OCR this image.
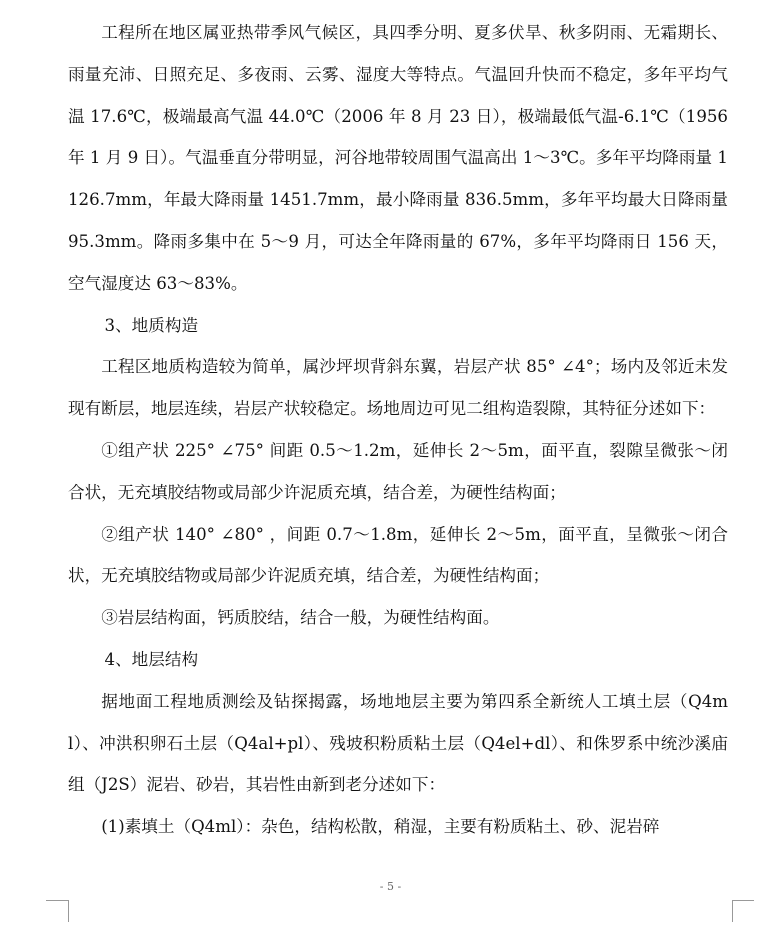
工程所在地区属亚热带季风气候区，具四季分明、夏多伏旱、秋多阴雨、无霜期长、雨量充沛、日照充足、多夜雨、云雾、湿度大等特点。气温回升快而不稳定，多年平均气温 17.6℃，极端最高气温 44.0℃（2006 年 8 月 23 日），极端最低气温-6.1℃（1956 年 1 月 9 日）。气温垂直分带明显，河谷地带较周围气温高出 1～3℃。多年平均降雨量 1126.7mm，年最大降雨量 1451.7mm，最小降雨量 836.5mm，多年平均最大日降雨量 95.3mm。降雨多集中在 5～9 月，可达全年降雨量的 67%，多年平均降雨日 156 天，空气湿度达 63～83%。

3、地质构造

工程区地质构造较为简单，属沙坪坝背斜东翼，岩层产状 85° ∠4°；场内及邻近未发现有断层，地层连续，岩层产状较稳定。场地周边可见二组构造裂隙，其特征分述如下：

①组产状 225° ∠75° 间距 0.5～1.2m，延伸长 2～5m，面平直，裂隙呈微张～闭合状，无充填胶结物或局部少许泥质充填，结合差，为硬性结构面；

②组产状 140° ∠80° ，间距 0.7～1.8m，延伸长 2～5m，面平直，呈微张～闭合状，无充填胶结物或局部少许泥质充填，结合差，为硬性结构面；

③岩层结构面，钙质胶结，结合一般，为硬性结构面。

4、地层结构

据地面工程地质测绘及钻探揭露，场地地层主要为第四系全新统人工填土层（Q4ml）、冲洪积卵石土层（Q4al+pl）、残坡积粉质粘土层（Q4el+dl）、和侏罗系中统沙溪庙组（J2S）泥岩、砂岩，其岩性由新到老分述如下：

(1)素填土（Q4ml）：杂色，结构松散，稍湿，主要有粉质粘土、砂、泥岩碎

- 5 -
